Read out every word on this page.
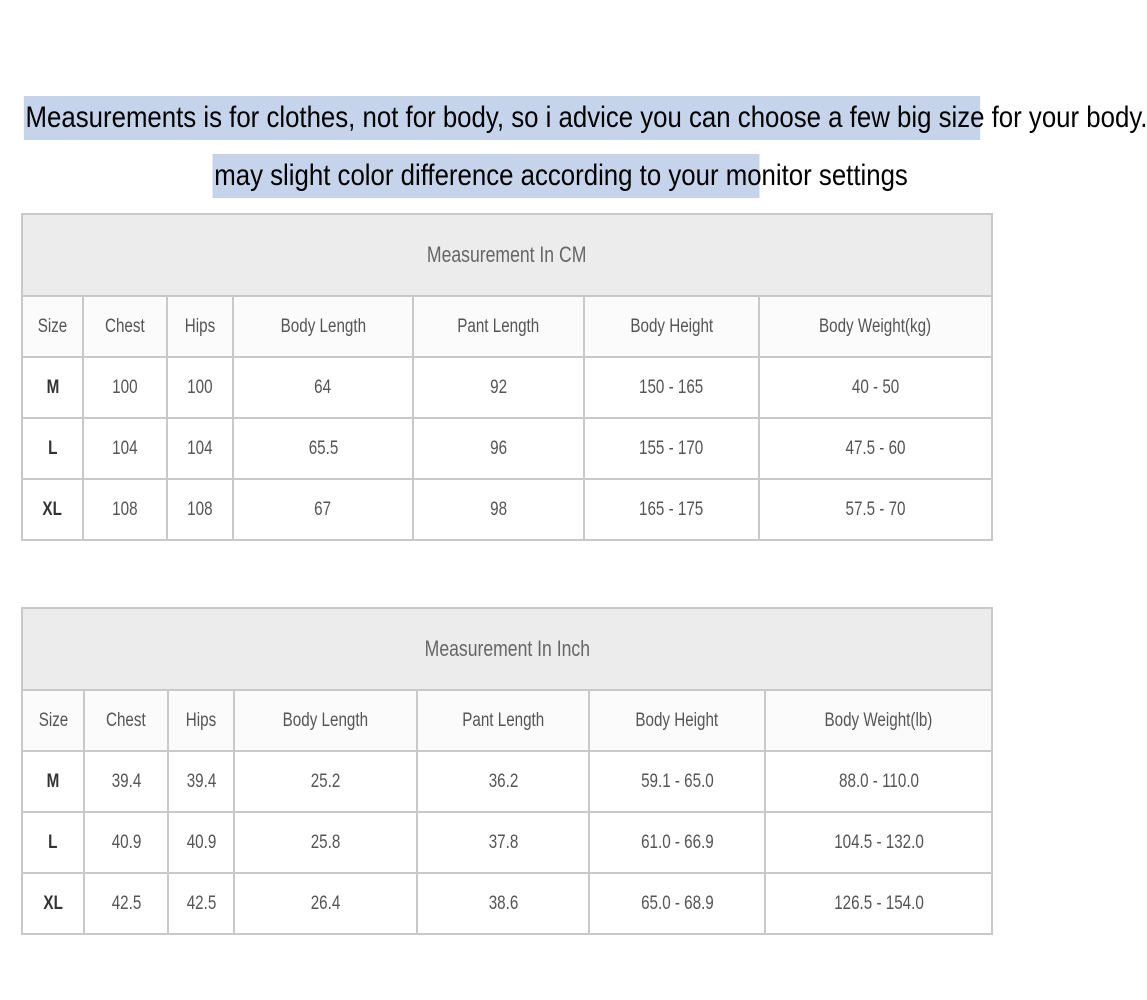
Measurements is for clothes, not for body, so i advice you can choose a few big size for your body.
may slight color difference according to your monitor settings
Measurement In CM						
Size	Chest	Hips	Body Length	Pant Length	Body Height	Body Weight(kg)
M	100	100	64	92	150 - 165	40 - 50
L	104	104	65.5	96	155 - 170	47.5 - 60
XL	108	108	67	98	165 - 175	57.5 - 70
Measurement In Inch						
Size	Chest	Hips	Body Length	Pant Length	Body Height	Body Weight(lb)
M	39.4	39.4	25.2	36.2	59.1 - 65.0	88.0 - 110.0
L	40.9	40.9	25.8	37.8	61.0 - 66.9	104.5 - 132.0
XL	42.5	42.5	26.4	38.6	65.0 - 68.9	126.5 - 154.0
